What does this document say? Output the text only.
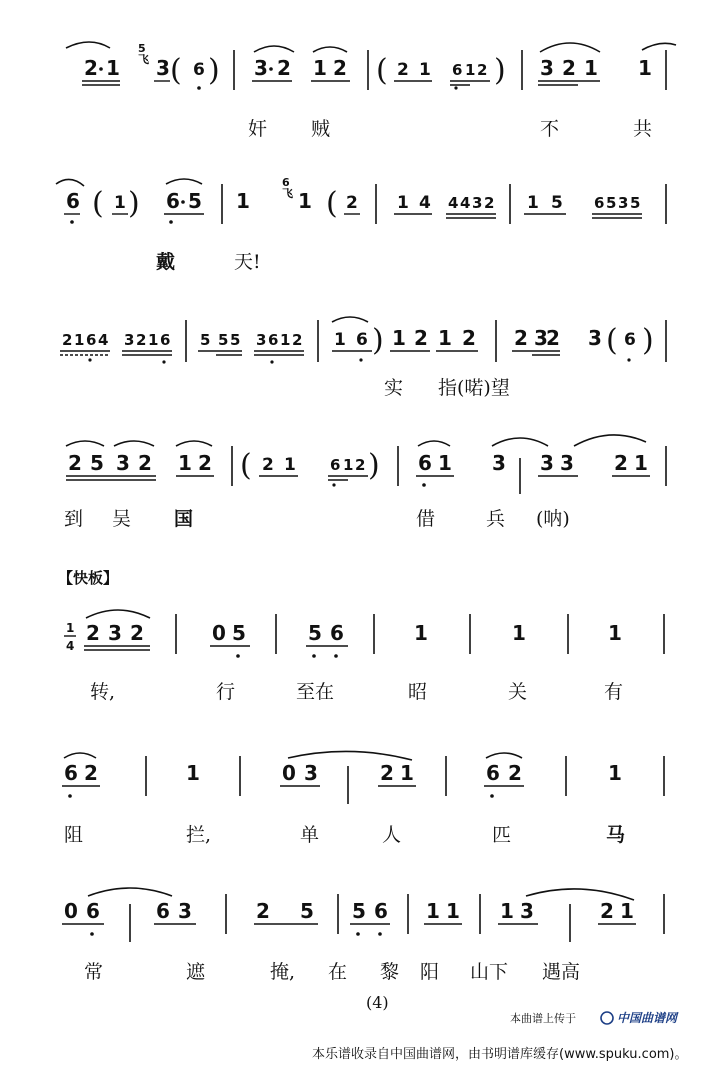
2 1
5
飞 3 ( 6 ) 3 2 1 2 ( 2 1 6 1 2 ) 3 2 1 1
奸 贼	不	共
6 ( 1 ) 6 5 1
6
飞 1 ( 2 1 4 4 4 3 2 1 5 6 5 3 5
戴	天!
2 1 6 4 3 2 1 6 5 5 5 3 6 1 2 1 6 ) 1 2 1 2 2 3
2 3 ( 6 )
实 指(喏)望
2 5 3 2 1 2 ( 2 1 6 1 2 ) 6 1 3 3 3 2 1
到 吴 国	借	兵 (呐)
【快板】
1
4
2 3 2	0 5	5 6	1	1	1
转,	行	至在	昭	关	有
6 2	1	0 3	2 1	6 2	1
阻	拦,	单	人	匹	马
0 6	6 3	2 5 5 6 1 1 1 3	2 1
常	遮	掩, 在 黎 阳 山下 遇高
(4)
本曲谱上传于	中国曲谱网
本乐谱收录自中国曲谱网，由书明谱库缓存(www.spuku.com)。
